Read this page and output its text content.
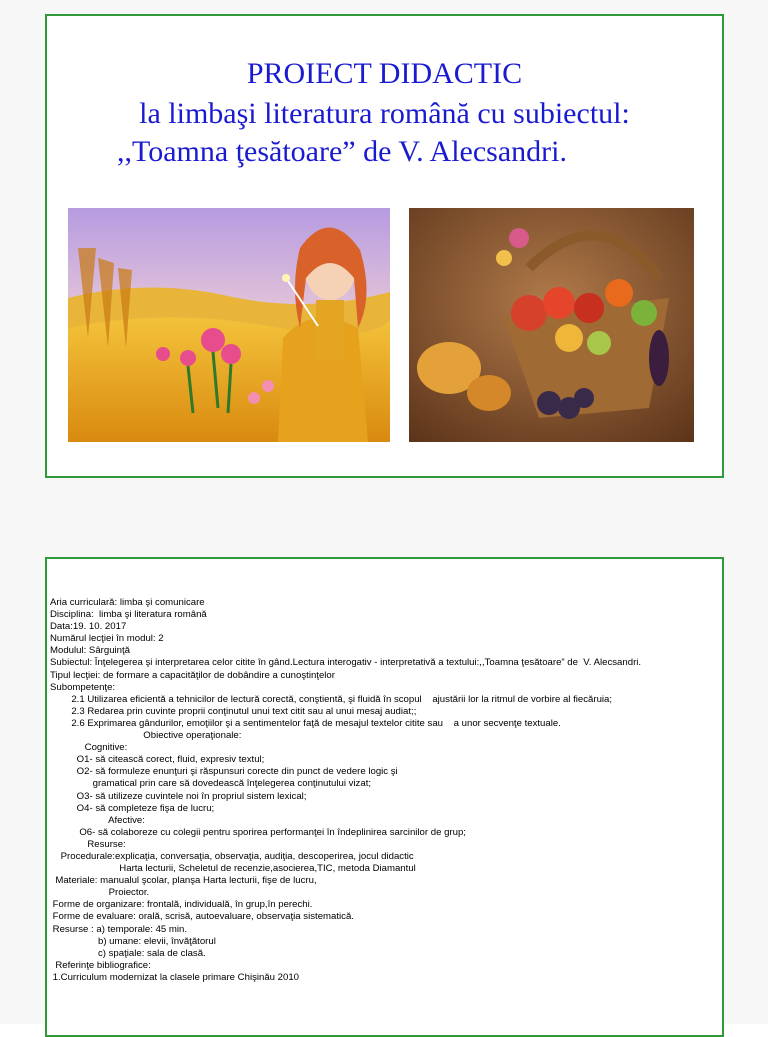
PROIECT DIDACTIC
la limbaşi literatura română cu subiectul:
,,Toamna ţesătoare” de V. Alecsandri.
Aria curriculară: limba şi comunicare
Disciplina:  limba şi literatura română
Data:19. 10. 2017
Numărul lecţiei în modul: 2
Modulul: Sârguinţă
Subiectul: Înţelegerea şi interpretarea celor citite în gând.Lectura interogativ - interpretativă a textului:,,Toamna ţesătoare” de  V. Alecsandri.
Tipul lecţiei: de formare a capacităţilor de dobândire a cunoştinţelor
Subompetenţe:
2.1 Utilizarea eficientă a tehnicilor de lectură corectă, conştientă, şi fluidă în scopul    ajustării lor la ritmul de vorbire al fiecăruia;
2.3 Redarea prin cuvinte proprii conţinutul unui text citit sau al unui mesaj audiat;;
2.6 Exprimarea gândurilor, emoţiilor şi a sentimentelor faţă de mesajul textelor citite sau    a unor secvenţe textuale.
Obiective operaţionale:
Cognitive:
O1- să citească corect, fluid, expresiv textul;
O2- să formuleze enunţuri şi răspunsuri corecte din punct de vedere logic şi
gramatical prin care să dovedească înţelegerea conţinutului vizat;
O3- să utilizeze cuvintele noi în propriul sistem lexical;
O4- să completeze fişa de lucru;
Afective:
O6- să colaboreze cu colegii pentru sporirea performanţei în îndeplinirea sarcinilor de grup;
Resurse:
Procedurale:explicaţia, conversaţia, observaţia, audiţia, descoperirea, jocul didactic
Harta lecturii, Scheletul de recenzie,asocierea,TIC, metoda Diamantul
Materiale: manualul şcolar, planşa Harta lecturii, fişe de lucru,
Proiector.
Forme de organizare: frontală, individuală, în grup,în perechi.
Forme de evaluare: orală, scrisă, autoevaluare, observaţia sistematică.
Resurse : a) temporale: 45 min.
b) umane: elevii, învăţătorul
c) spaţiale: sala de clasă.
Referinţe bibliografice:
1.Curriculum modernizat la clasele primare Chişinău 2010
